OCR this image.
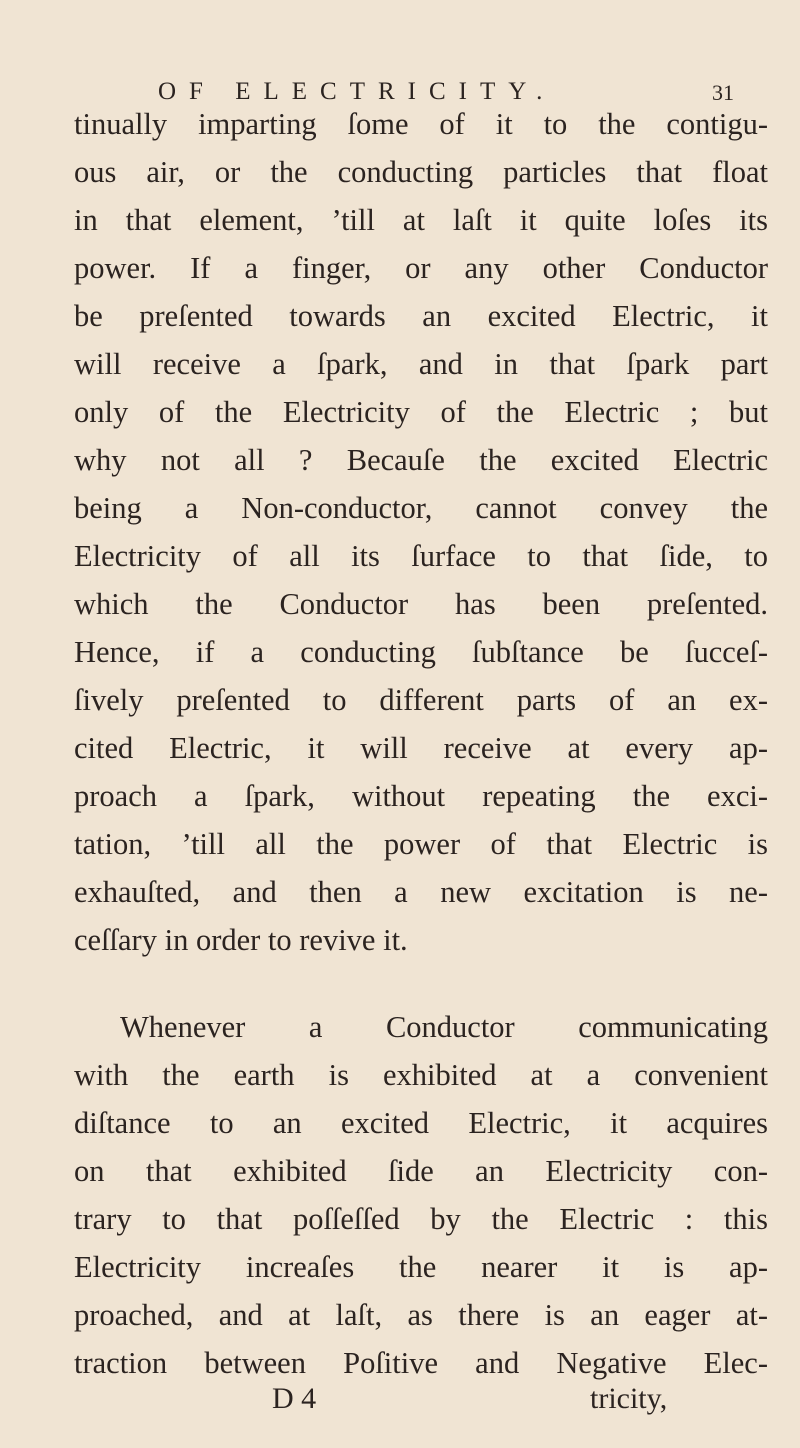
OF ELECTRICITY.	31
tinually imparting ſome of it to the contigu-
ous air, or the conducting particles that float
in that element, ’till at laſt it quite loſes its
power. If a finger, or any other Conductor
be preſented towards an excited Electric, it
will receive a ſpark, and in that ſpark part
only of the Electricity of the Electric ; but
why not all ? Becauſe the excited Electric
being a Non-conductor, cannot convey the
Electricity of all its ſurface to that ſide, to
which the Conductor has been preſented.
Hence, if a conducting ſubſtance be ſucceſ-
ſively preſented to different parts of an ex-
cited Electric, it will receive at every ap-
proach a ſpark, without repeating the exci-
tation, ’till all the power of that Electric is
exhauſted, and then a new excitation is ne-
ceſſary in order to revive it.
Whenever a Conductor communicating
with the earth is exhibited at a convenient
diſtance to an excited Electric, it acquires
on that exhibited ſide an Electricity con-
trary to that poſſeſſed by the Electric : this
Electricity increaſes the nearer it is ap-
proached, and at laſt, as there is an eager at-
traction between Poſitive and Negative Elec-
D 4	tricity,
